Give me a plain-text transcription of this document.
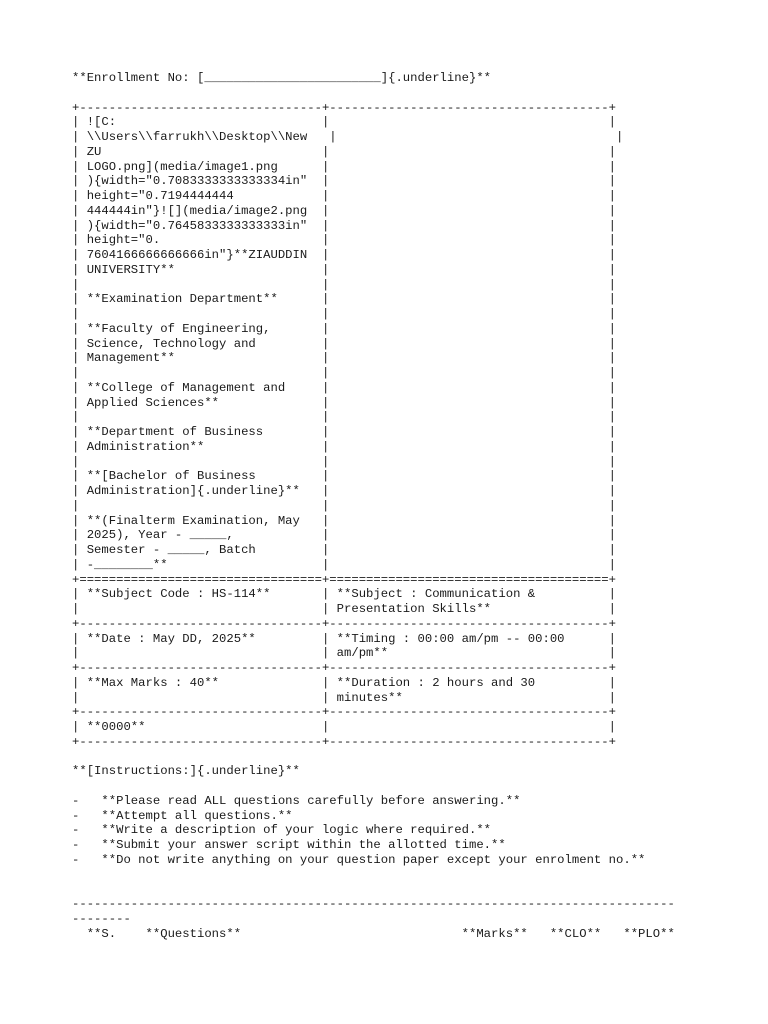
**Enrollment No: [________________________]{.underline}**

+---------------------------------+--------------------------------------+
| ![C:                            |                                      |
| \\Users\\farrukh\\Desktop\\New   |                                      |
| ZU                              |                                      |
| LOGO.png](media/image1.png      |                                      |
| ){width="0.7083333333333334in"  |                                      |
| height="0.7194444444            |                                      |
| 444444in"}![](media/image2.png  |                                      |
| ){width="0.7645833333333333in"  |                                      |
| height="0.                      |                                      |
| 7604166666666666in"}**ZIAUDDIN  |                                      |
| UNIVERSITY**                    |                                      |
|                                 |                                      |
| **Examination Department**      |                                      |
|                                 |                                      |
| **Faculty of Engineering,       |                                      |
| Science, Technology and         |                                      |
| Management**                    |                                      |
|                                 |                                      |
| **College of Management and     |                                      |
| Applied Sciences**              |                                      |
|                                 |                                      |
| **Department of Business        |                                      |
| Administration**                |                                      |
|                                 |                                      |
| **[Bachelor of Business         |                                      |
| Administration]{.underline}**   |                                      |
|                                 |                                      |
| **(Finalterm Examination, May   |                                      |
| 2025), Year - _____,            |                                      |
| Semester - _____, Batch         |                                      |
| -________**                     |                                      |
+=================================+======================================+
| **Subject Code : HS-114**       | **Subject : Communication &          |
|                                 | Presentation Skills**                |
+---------------------------------+--------------------------------------+
| **Date : May DD, 2025**         | **Timing : 00:00 am/pm -- 00:00      |
|                                 | am/pm**                              |
+---------------------------------+--------------------------------------+
| **Max Marks : 40**              | **Duration : 2 hours and 30          |
|                                 | minutes**                            |
+---------------------------------+--------------------------------------+
| **0000**                        |                                      |
+---------------------------------+--------------------------------------+

**[Instructions:]{.underline}**

-   **Please read ALL questions carefully before answering.**
-   **Attempt all questions.**
-   **Write a description of your logic where required.**
-   **Submit your answer script within the allotted time.**
-   **Do not write anything on your question paper except your enrolment no.**

----------------------------------------------------------------------------------
--------
**S.    **Questions**                              **Marks**   **CLO**   **PLO**
